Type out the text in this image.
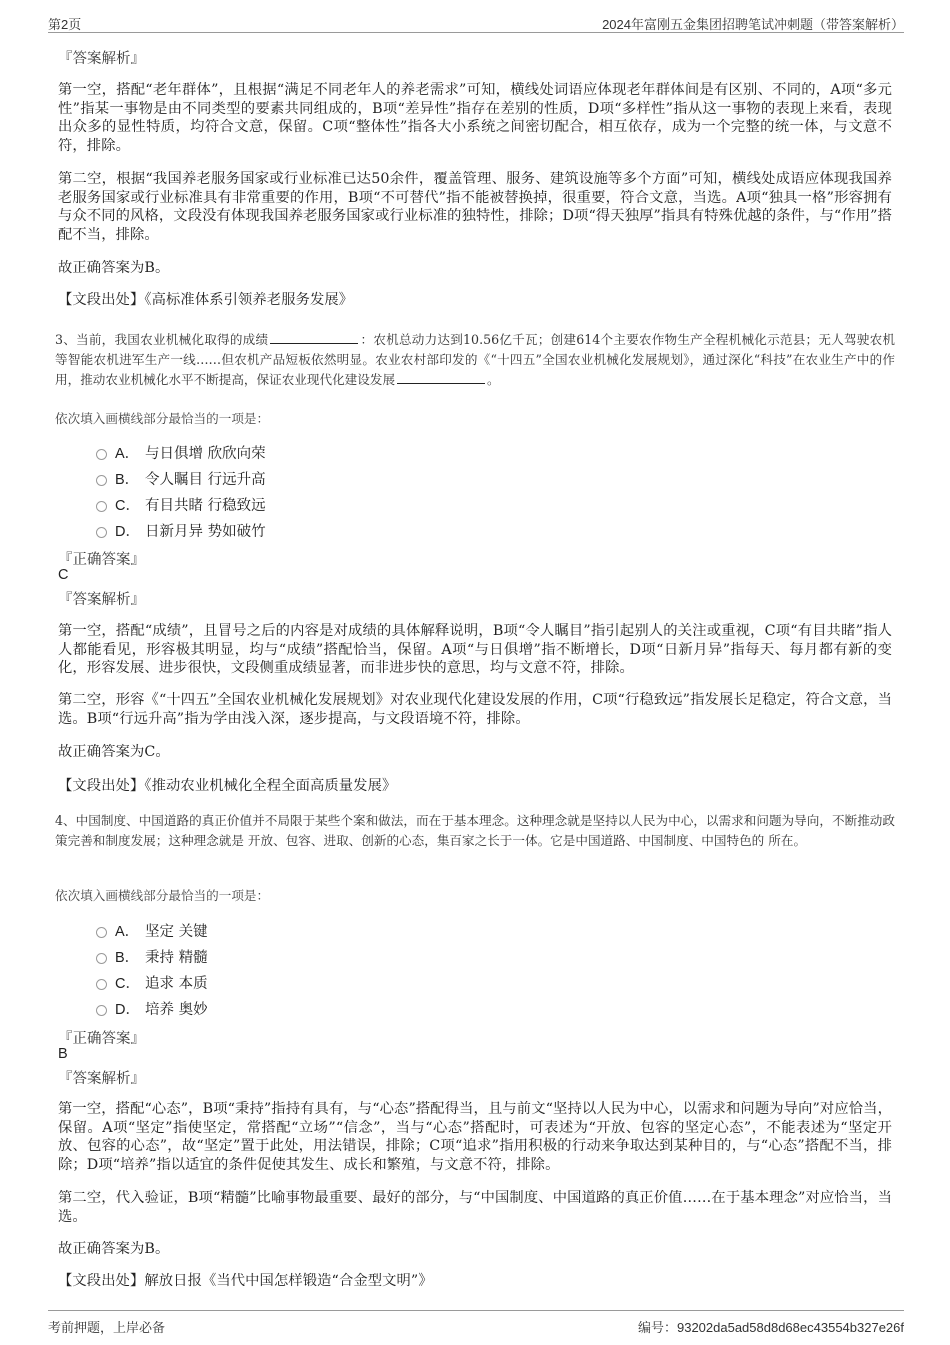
第2页	2024年富刚五金集团招聘笔试冲刺题（带答案解析）
『答案解析』
第一空，搭配“老年群体”，且根据“满足不同老年人的养老需求”可知，横线处词语应体现老年群体间是有区别、不同的，A项“多元性”指某一事物是由不同类型的要素共同组成的，B项“差异性”指存在差别的性质，D项“多样性”指从这一事物的表现上来看，表现出众多的显性特质，均符合文意，保留。C项“整体性”指各大小系统之间密切配合，相互依存，成为一个完整的统一体，与文意不符，排除。
第二空，根据“我国养老服务国家或行业标准已达50余件，覆盖管理、服务、建筑设施等多个方面”可知，横线处成语应体现我国养老服务国家或行业标准具有非常重要的作用，B项“不可替代”指不能被替换掉，很重要，符合文意，当选。A项“独具一格”形容拥有与众不同的风格，文段没有体现我国养老服务国家或行业标准的独特性，排除；D项“得天独厚”指具有特殊优越的条件，与“作用”搭配不当，排除。
故正确答案为B。
【文段出处】《高标准体系引领养老服务发展》
3、当前，我国农业机械化取得的成绩	：农机总动力达到10.56亿千瓦；创建614个主要农作物生产全程机械化示范县；无人驾驶农机等智能农机进军生产一线……但农机产品短板依然明显。农业农村部印发的《“十四五”全国农业机械化发展规划》，通过深化“科技”在农业生产中的作用，推动农业机械化水平不断提高，保证农业现代化建设发展	。
依次填入画横线部分最恰当的一项是：
A． 与日俱增 欣欣向荣
B． 令人瞩目 行远升高
C． 有目共睹 行稳致远
D． 日新月异 势如破竹
『正确答案』
C
『答案解析』
第一空，搭配“成绩”，且冒号之后的内容是对成绩的具体解释说明，B项“令人瞩目”指引起别人的关注或重视，C项“有目共睹”指人人都能看见，形容极其明显，均与“成绩”搭配恰当，保留。A项“与日俱增”指不断增长，D项“日新月异”指每天、每月都有新的变化，形容发展、进步很快，文段侧重成绩显著，而非进步快的意思，均与文意不符，排除。
第二空，形容《“十四五”全国农业机械化发展规划》对农业现代化建设发展的作用，C项“行稳致远”指发展长足稳定，符合文意，当选。B项“行远升高”指为学由浅入深，逐步提高，与文段语境不符，排除。
故正确答案为C。
【文段出处】《推动农业机械化全程全面高质量发展》
4、中国制度、中国道路的真正价值并不局限于某些个案和做法，而在于基本理念。这种理念就是坚持以人民为中心，以需求和问题为导向，不断推动政策完善和制度发展；这种理念就是 开放、包容、进取、创新的心态，集百家之长于一体。它是中国道路、中国制度、中国特色的 所在。
依次填入画横线部分最恰当的一项是：
A． 坚定 关键
B． 秉持 精髓
C． 追求 本质
D． 培养 奥妙
『正确答案』
B
『答案解析』
第一空，搭配“心态”，B项“秉持”指持有具有，与“心态”搭配得当，且与前文“坚持以人民为中心，以需求和问题为导向”对应恰当，保留。A项“坚定”指使坚定，常搭配“立场”“信念”，当与“心态”搭配时，可表述为“开放、包容的坚定心态”，不能表述为“坚定开放、包容的心态”，故“坚定”置于此处，用法错误，排除；C项“追求”指用积极的行动来争取达到某种目的，与“心态”搭配不当，排除；D项“培养”指以适宜的条件促使其发生、成长和繁殖，与文意不符，排除。
第二空，代入验证，B项“精髓”比喻事物最重要、最好的部分，与“中国制度、中国道路的真正价值……在于基本理念”对应恰当，当选。
故正确答案为B。
【文段出处】解放日报《当代中国怎样锻造“合金型文明”》
考前押题，上岸必备	编号：93202da5ad58d8d68ec43554b327e26f
